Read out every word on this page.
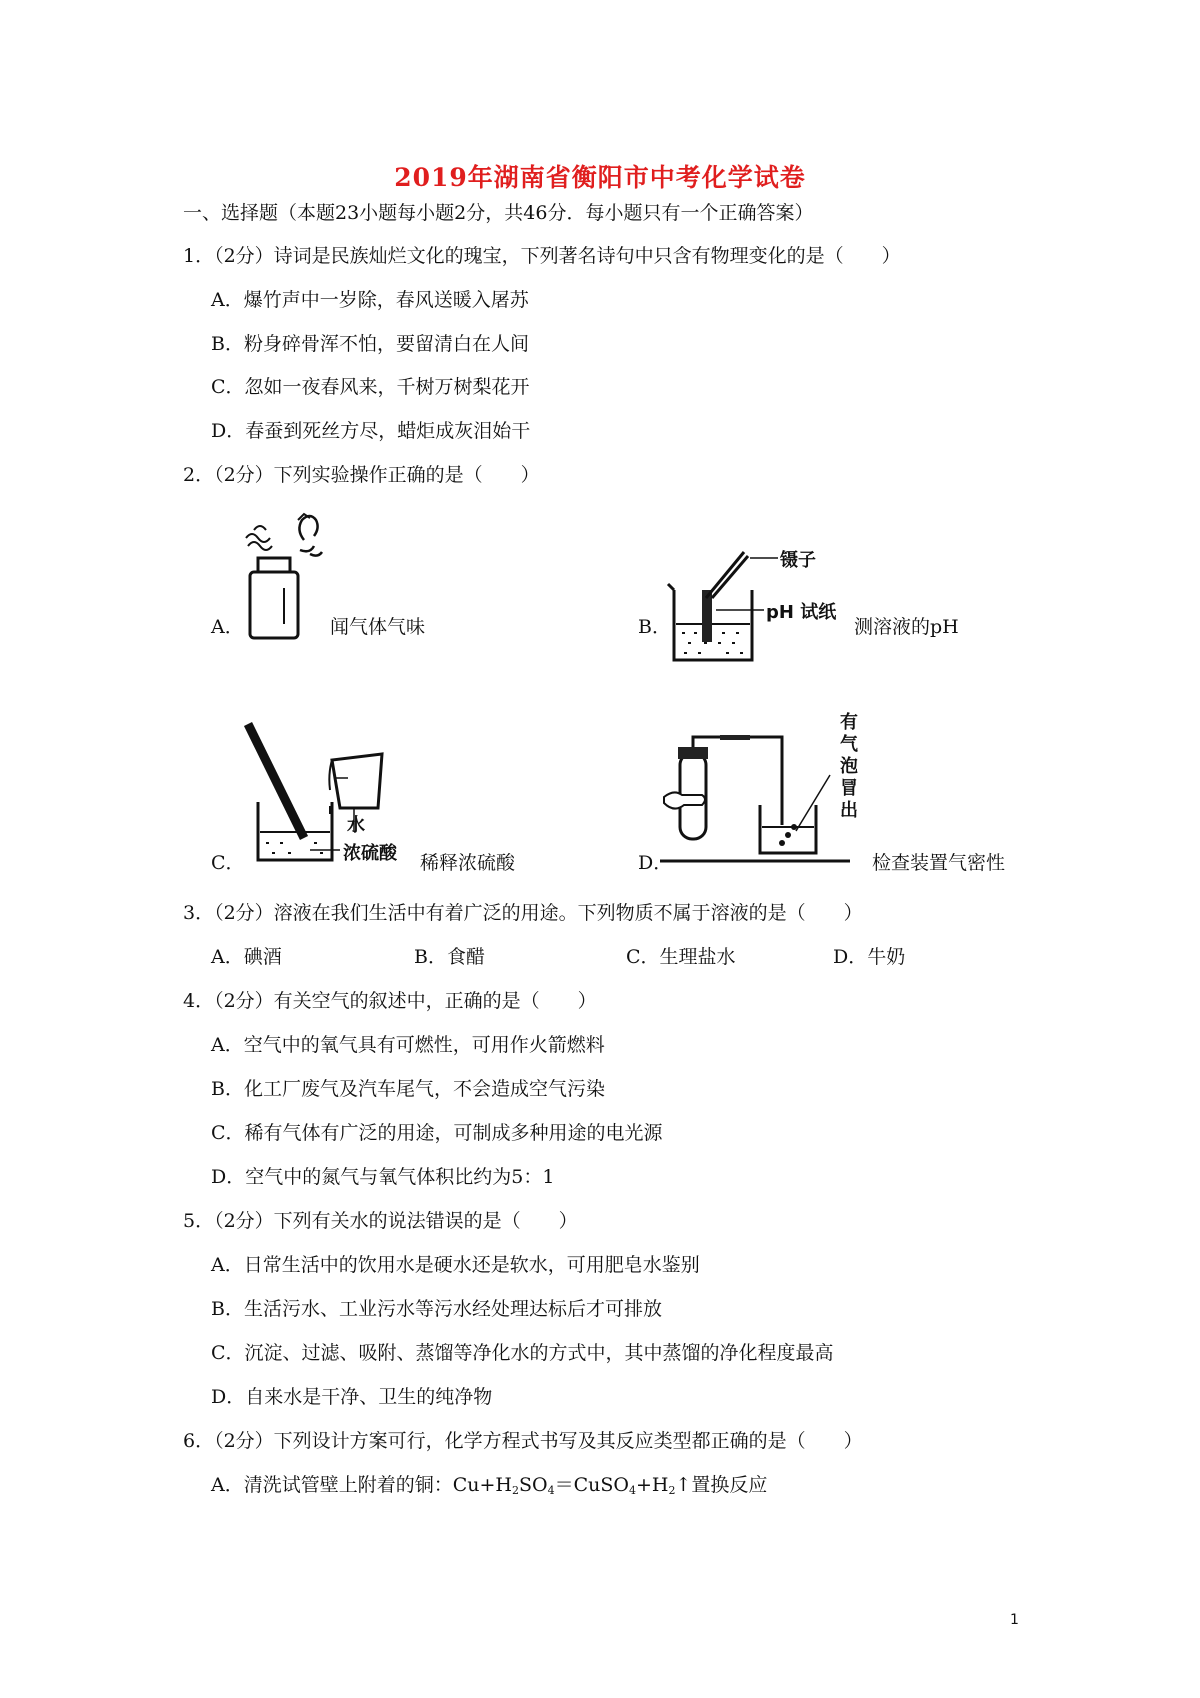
2019年湖南省衡阳市中考化学试卷
一、选择题（本题23小题每小题2分，共46分．每小题只有一个正确答案）
1．（2分）诗词是民族灿烂文化的瑰宝，下列著名诗句中只含有物理变化的是（　　）
A．爆竹声中一岁除，春风送暖入屠苏
B．粉身碎骨浑不怕，要留清白在人间
C．忽如一夜春风来，千树万树梨花开
D．春蚕到死丝方尽，蜡炬成灰泪始干
2．（2分）下列实验操作正确的是（　　）
A．	闻气体气味
镊子
pH 试纸
B．	测溶液的pH
水
浓硫酸
C．	稀释浓硫酸
有气泡冒出
D．	检查装置气密性
3．（2分）溶液在我们生活中有着广泛的用途。下列物质不属于溶液的是（　　）
A．碘酒	B．食醋	C．生理盐水	D．牛奶
4．（2分）有关空气的叙述中，正确的是（　　）
A．空气中的氧气具有可燃性，可用作火箭燃料
B．化工厂废气及汽车尾气，不会造成空气污染
C．稀有气体有广泛的用途，可制成多种用途的电光源
D．空气中的氮气与氧气体积比约为5：1
5．（2分）下列有关水的说法错误的是（　　）
A．日常生活中的饮用水是硬水还是软水，可用肥皂水鉴别
B．生活污水、工业污水等污水经处理达标后才可排放
C．沉淀、过滤、吸附、蒸馏等净化水的方式中，其中蒸馏的净化程度最高
D．自来水是干净、卫生的纯净物
6．（2分）下列设计方案可行，化学方程式书写及其反应类型都正确的是（　　）
A．清洗试管壁上附着的铜：$Cu+H_2SO_4=CuSO_4+H_2↑$置换反应
1
